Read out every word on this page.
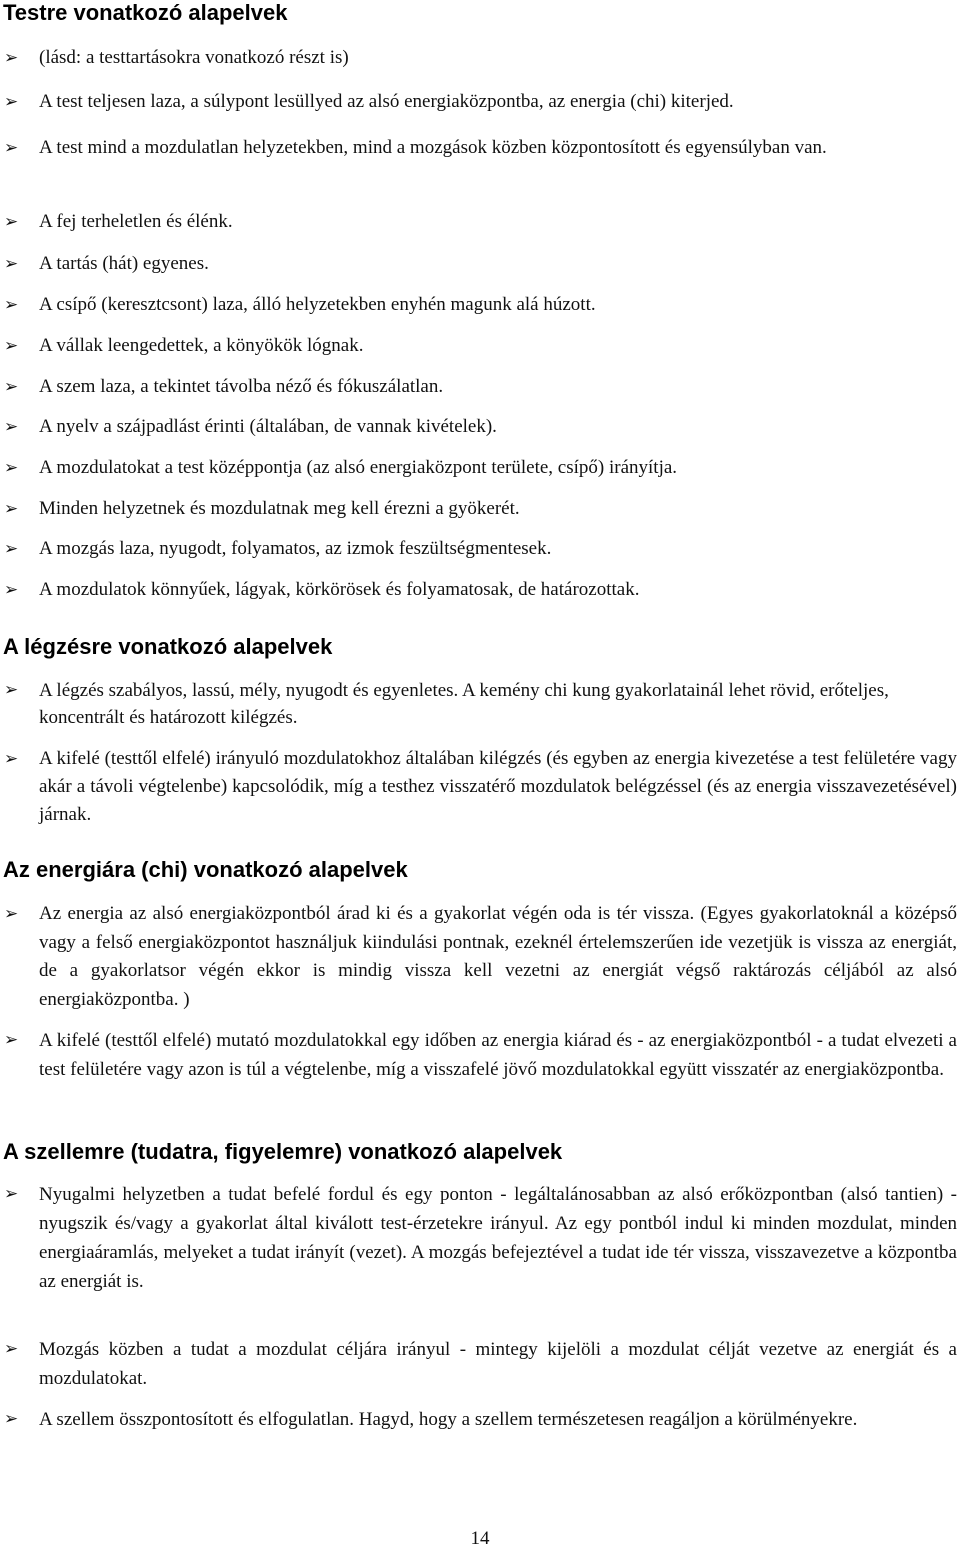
Testre vonatkozó alapelvek
➢	(lásd: a testtartásokra vonatkozó részt is)
➢	A test teljesen laza, a súlypont lesüllyed az alsó energiaközpontba, az energia (chi) kiterjed.
➢	A test mind a mozdulatlan helyzetekben, mind a mozgások közben központosított és egyensúlyban van.
➢	A fej terheletlen és élénk.
➢	A tartás (hát) egyenes.
➢	A csípő (keresztcsont) laza, álló helyzetekben enyhén magunk alá húzott.
➢	A vállak leengedettek, a könyökök lógnak.
➢	A szem laza, a tekintet távolba néző és fókuszálatlan.
➢	A nyelv a szájpadlást érinti (általában, de vannak kivételek).
➢	A mozdulatokat a test középpontja (az alsó energiaközpont területe, csípő) irányítja.
➢	Minden helyzetnek és mozdulatnak meg kell érezni a gyökerét.
➢	A mozgás laza, nyugodt, folyamatos, az izmok feszültségmentesek.
➢	A mozdulatok könnyűek, lágyak, körkörösek és folyamatosak, de határozottak.
A légzésre vonatkozó alapelvek
➢	A légzés szabályos, lassú, mély, nyugodt és egyenletes. A kemény chi kung gyakorlatainál lehet rövid, erőteljes, koncentrált és határozott kilégzés.
➢	A kifelé (testtől elfelé) irányuló mozdulatokhoz általában kilégzés (és egyben az energia kivezetése a test felületére vagy akár a távoli végtelenbe) kapcsolódik, míg a testhez visszatérő mozdulatok belégzéssel (és az energia visszavezetésével) járnak.
Az energiára (chi) vonatkozó alapelvek
➢	Az energia az alsó energiaközpontból árad ki és a gyakorlat végén oda is tér vissza. (Egyes gyakorlatoknál a középső vagy a felső energiaközpontot használjuk kiindulási pontnak, ezeknél értelemszerűen ide vezetjük is vissza az energiát, de a gyakorlatsor végén ekkor is mindig vissza kell vezetni az energiát végső raktározás céljából az alsó energiaközpontba. )
➢	A kifelé (testtől elfelé) mutató mozdulatokkal egy időben az energia kiárad és - az energiaközpontból - a tudat elvezeti a test felületére vagy azon is túl a végtelenbe, míg a visszafelé jövő mozdulatokkal együtt visszatér az energiaközpontba.
A szellemre (tudatra, figyelemre) vonatkozó alapelvek
➢	Nyugalmi helyzetben a tudat befelé fordul és egy ponton - legáltalánosabban az alsó erőközpontban (alsó tantien) - nyugszik és/vagy a gyakorlat által kiválott test-érzetekre irányul. Az egy pontból indul ki minden mozdulat, minden energiaáramlás, melyeket a tudat irányít (vezet). A mozgás befejeztével a tudat ide tér vissza, visszavezetve a központba az energiát is.
➢	Mozgás közben a tudat a mozdulat céljára irányul - mintegy kijelöli a mozdulat célját vezetve az energiát és a mozdulatokat.
➢	A szellem összpontosított és elfogulatlan. Hagyd, hogy a szellem természetesen reagáljon a körülményekre.
14
